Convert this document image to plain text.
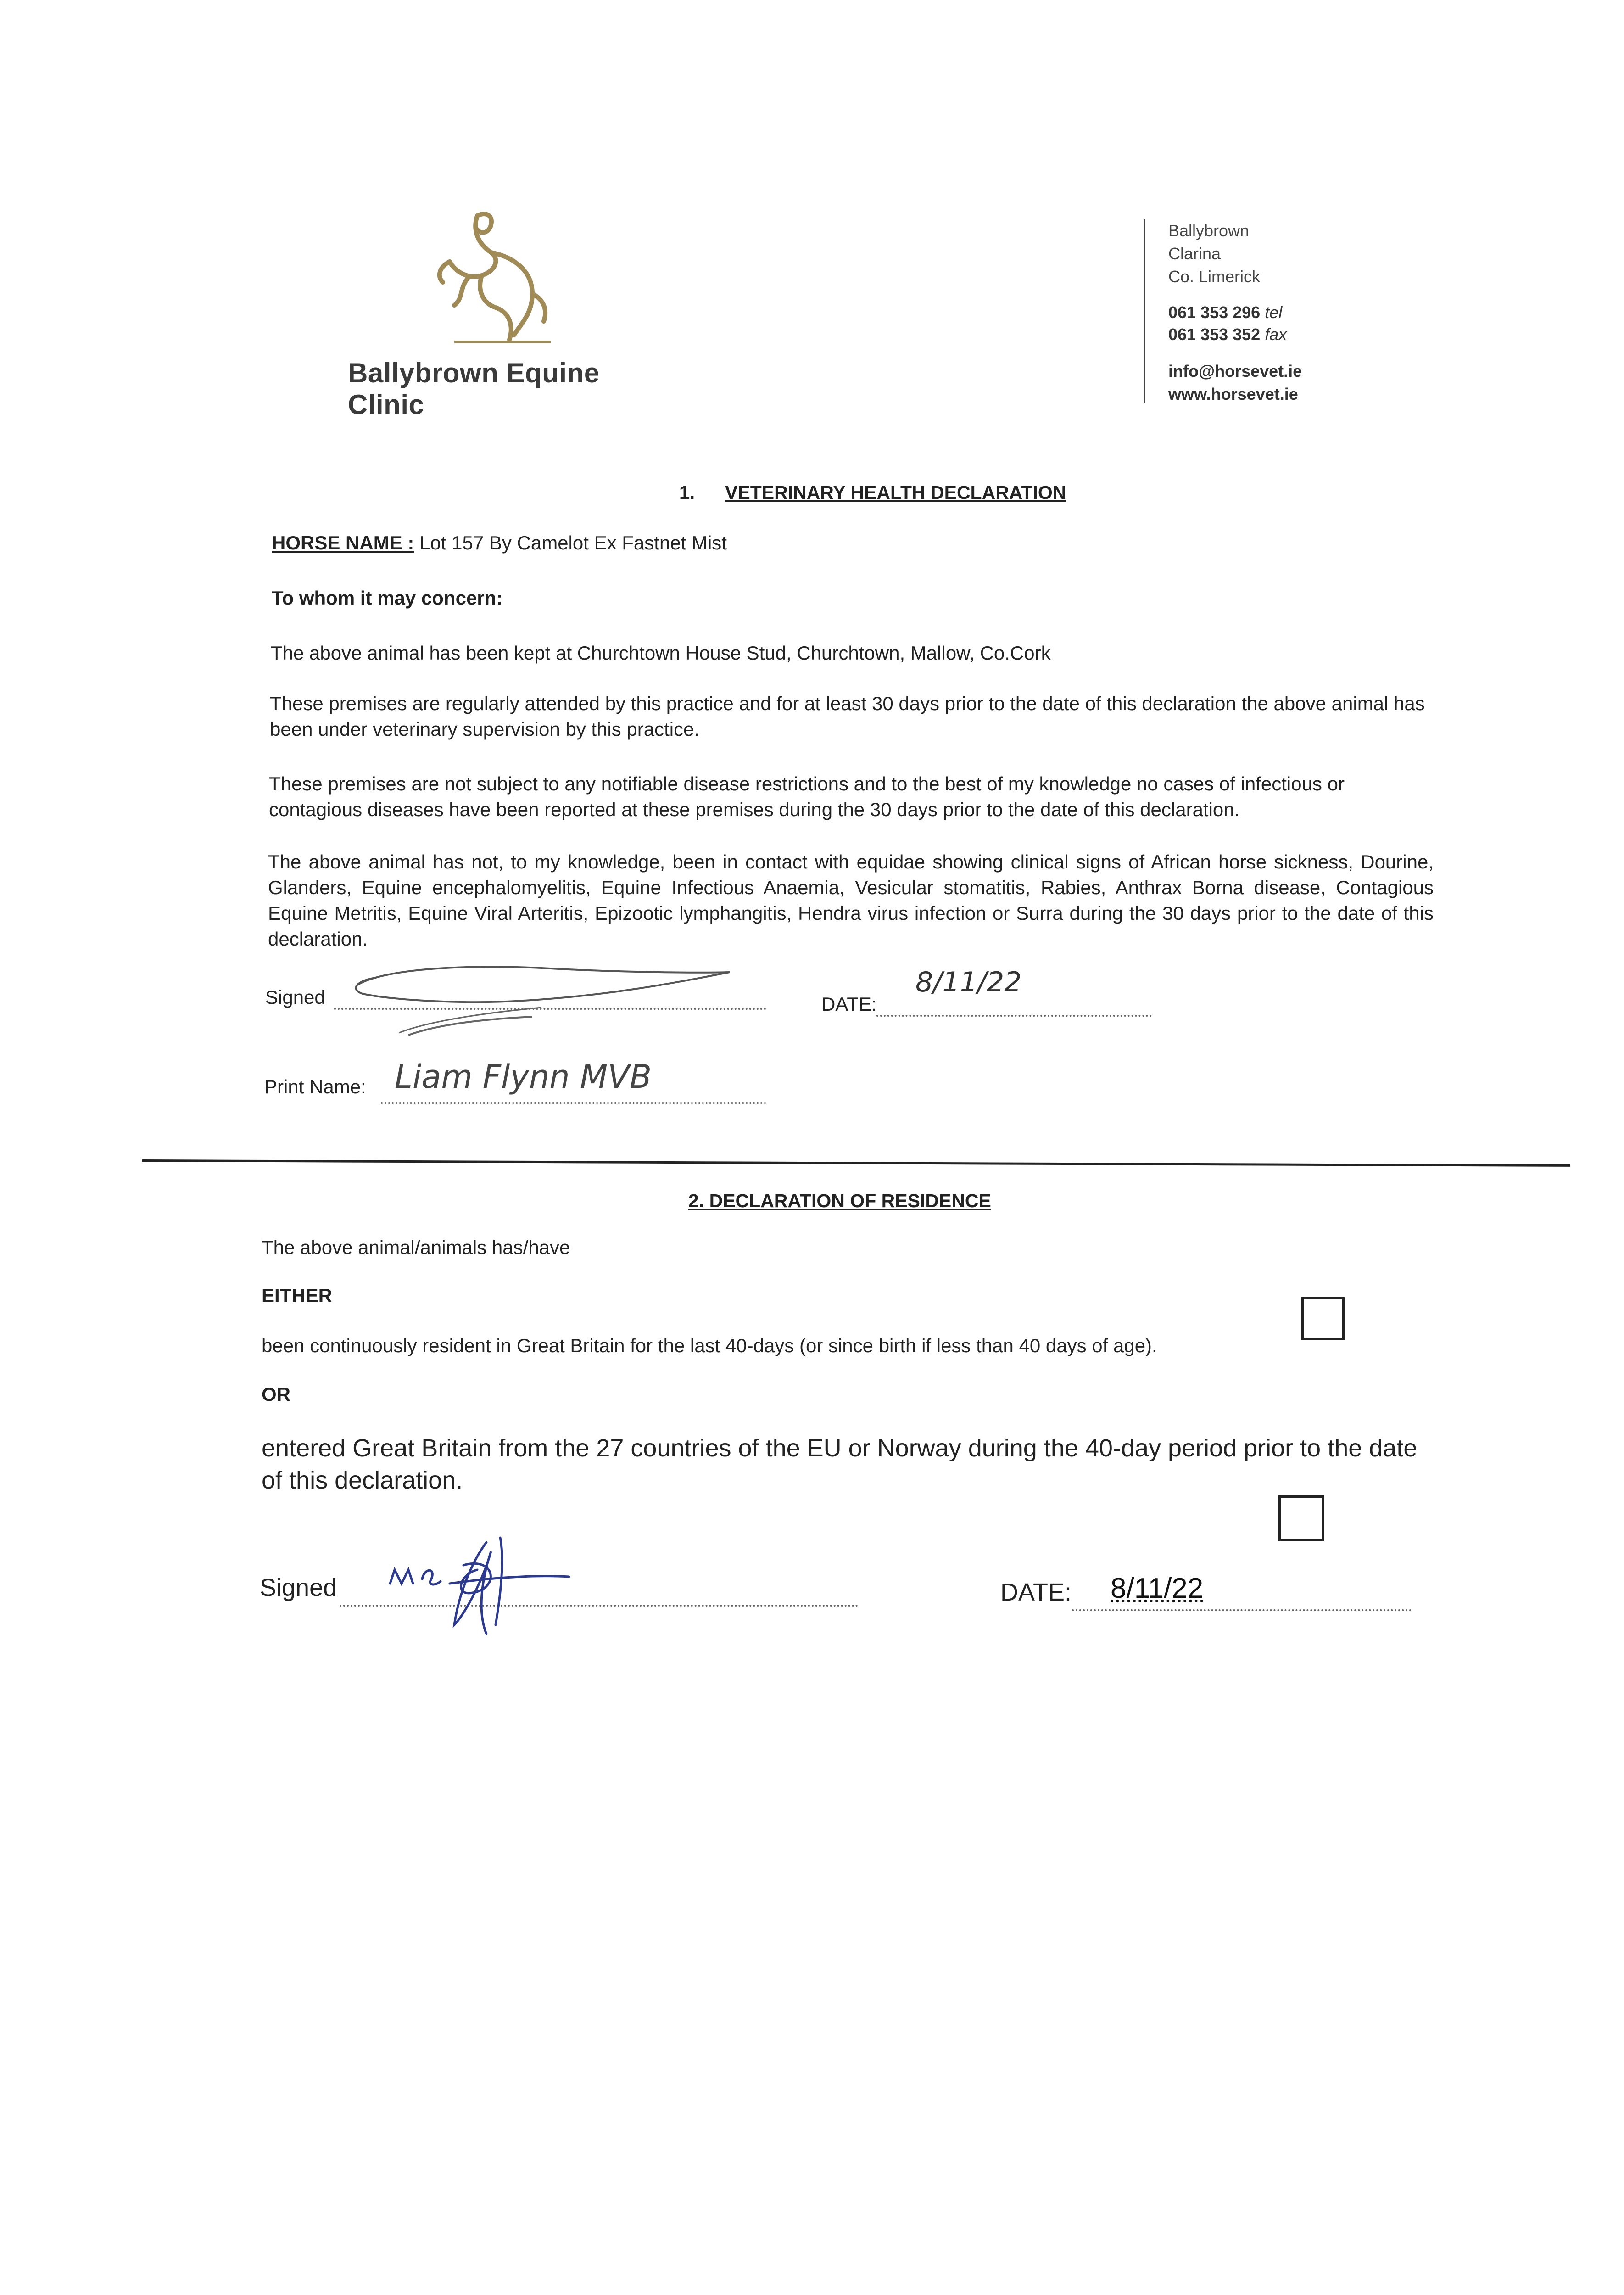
Ballybrown Equine Clinic
Ballybrown
Clarina
Co. Limerick
061 353 296 tel
061 353 352 fax
info@horsevet.ie
www.horsevet.ie
1. VETERINARY HEALTH DECLARATION
HORSE NAME : Lot 157 By Camelot Ex Fastnet Mist
To whom it may concern:
The above animal has been kept at Churchtown House Stud, Churchtown, Mallow, Co.Cork
These premises are regularly attended by this practice and for at least 30 days prior to the date of this declaration the above animal has been under veterinary supervision by this practice.
These premises are not subject to any notifiable disease restrictions and to the best of my knowledge no cases of infectious or contagious diseases have been reported at these premises during the 30 days prior to the date of this declaration.
The above animal has not, to my knowledge, been in contact with equidae showing clinical signs of African horse sickness, Dourine, Glanders, Equine encephalomyelitis, Equine Infectious Anaemia, Vesicular stomatitis, Rabies, Anthrax Borna disease, Contagious Equine Metritis, Equine Viral Arteritis, Epizootic lymphangitis, Hendra virus infection or Surra during the 30 days prior to the date of this declaration.
Signed	DATE:
8/11/22
Print Name: Liam Flynn MVB
2. DECLARATION OF RESIDENCE
The above animal/animals has/have
EITHER
been continuously resident in Great Britain for the last 40-days (or since birth if less than 40 days of age).
OR
entered Great Britain from the 27 countries of the EU or Norway during the 40-day period prior to the date of this declaration.
Signed	DATE: 8/11/22
